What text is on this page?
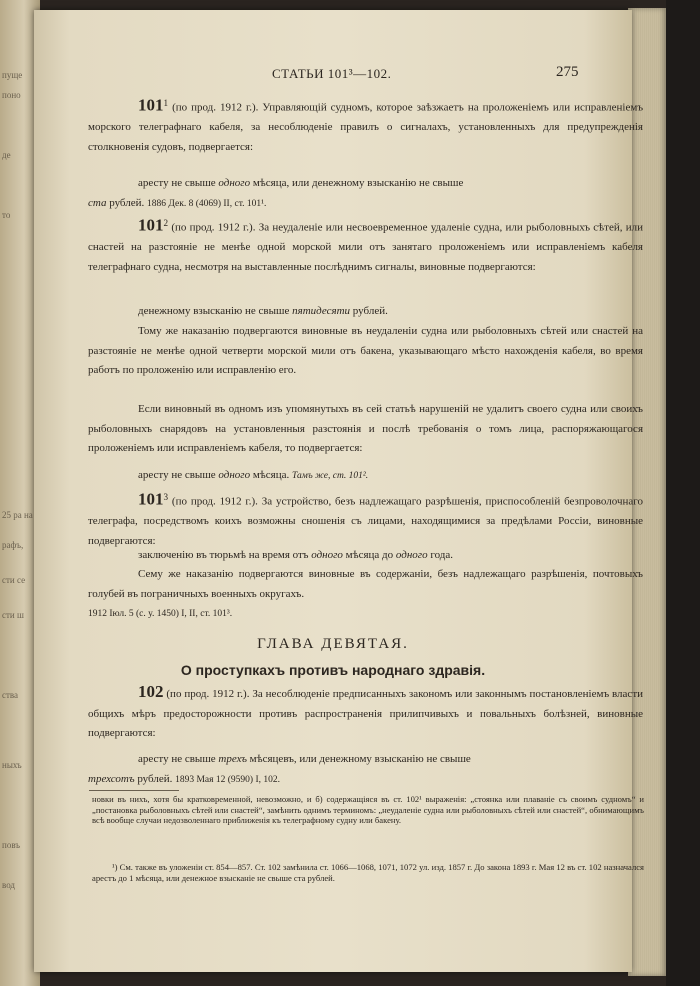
пуще
поно
де
то
25 ра на
рафъ,
сти се
сти ш
ства
ныхъ
повъ
вод
СТАТЬИ 101³—102.	275

$101^1$ (по прод. 1912 г.). Управляющій судномъ, которое заѣзжаетъ на проложеніемъ или исправленіемъ морского телеграфнаго кабеля, за несоблюденіе правилъ о сигналахъ, установленныхъ для предупрежденія столкновенія судовъ, подвергается:

аресту не свыше одного мѣсяца, или денежному взысканію не свыше
ста рублей. 1886 Дек. 8 (4069) II, ст. 101¹.

$101^2$ (по прод. 1912 г.). За неудаленіе или несвоевременное удаленіе судна, или рыболовныхъ сѣтей, или снастей на разстояніе не менѣе одной морской мили отъ занятаго проложеніемъ или исправленіемъ кабеля телеграфнаго судна, несмотря на выставленные послѣднимъ сигналы, виновные подвергаются:

денежному взысканію не свыше пятидесяти рублей.

Тому же наказанію подвергаются виновные въ неудаленіи судна или рыболовныхъ сѣтей или снастей на разстояніе не менѣе одной четверти морской мили отъ бакена, указывающаго мѣсто нахожденія кабеля, во время работъ по проложенію или исправленію его.

Если виновный въ одномъ изъ упомянутыхъ въ сей статьѣ нарушеній не удалитъ своего судна или своихъ рыболовныхъ снарядовъ на установленныя разстоянія и послѣ требованія о томъ лица, распоряжающагося проложеніемъ или исправленіемъ кабеля, то подвергается:

аресту не свыше одного мѣсяца. Тамъ же, ст. 101².

$101^3$ (по прод. 1912 г.). За устройство, безъ надлежащаго разрѣшенія, приспособленій безпроволочнаго телеграфа, посредствомъ коихъ возможны сношенія съ лицами, находящимися за предѣлами Россіи, виновные подвергаются:

заключенію въ тюрьмѣ на время отъ одного мѣсяца до одного года.

Сему же наказанію подвергаются виновные въ содержаніи, безъ надлежащаго разрѣшенія, почтовыхъ голубей въ пограничныхъ военныхъ округахъ.
1912 Іюл. 5 (с. у. 1450) I, II, ст. 101³.

ГЛАВА ДЕВЯТАЯ.
О проступкахъ противъ народнаго здравія.

102 (по прод. 1912 г.). За несоблюденіе предписанныхъ закономъ или законнымъ постановленіемъ власти общихъ мѣръ предосторожности противъ распространенія прилипчивыхъ и повальныхъ болѣзней, виновные подвергаются:

аресту не свыше трехъ мѣсяцевъ, или денежному взысканію не свыше
трехсотъ рублей. 1893 Мая 12 (9590) I, 102.

новки въ нихъ, хотя бы кратковременной, невозможно, и б) содержащіяся въ ст. 102¹ выраженія: „стоянка или плаваніе съ своимъ судномъ“ и „постановка рыболовныхъ сѣтей или снастей“, замѣнить однимъ терминомъ: „неудаленіе судна или рыболовныхъ сѣтей или снастей“, обнимающимъ всѣ вообще случаи недозволеннаго приближенія къ телеграфному судну или бакену.

¹) См. также въ уложеніи ст. 854—857. Ст. 102 замѣнила ст. 1066—1068, 1071, 1072 ул. изд. 1857 г. До закона 1893 г. Мая 12 въ ст. 102 назначался арестъ до 1 мѣсяца, или денежное взысканіе не свыше ста рублей.
